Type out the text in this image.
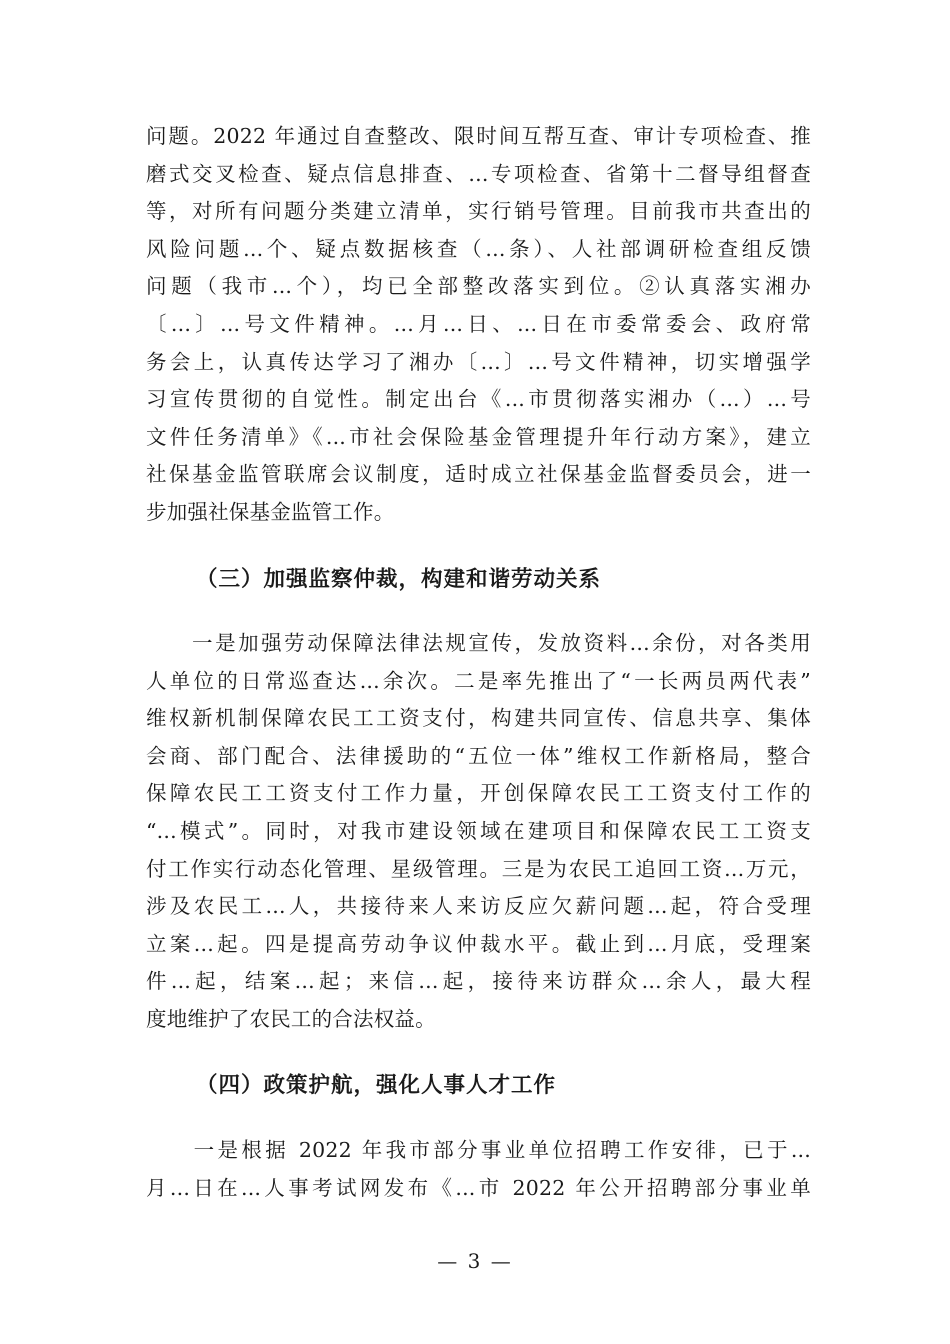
问题。2022 年通过自查整改、限时间互帮互查、审计专项检查、推
磨式交叉检查、疑点信息排查、...专项检查、省第十二督导组督查
等，对所有问题分类建立清单，实行销号管理。目前我市共查出的
风险问题...个、疑点数据核查（...条）、人社部调研检查组反馈
问题（我市...个），均已全部整改落实到位。②认真落实湘办
〔...〕...号文件精神。...月...日、...日在市委常委会、政府常
务会上，认真传达学习了湘办〔...〕...号文件精神，切实增强学
习宣传贯彻的自觉性。制定出台《...市贯彻落实湘办（...）...号
文件任务清单》《...市社会保险基金管理提升年行动方案》，建立
社保基金监管联席会议制度，适时成立社保基金监督委员会，进一
步加强社保基金监管工作。
（三）加强监察仲裁，构建和谐劳动关系
　　一是加强劳动保障法律法规宣传，发放资料...余份，对各类用
人单位的日常巡查达...余次。二是率先推出了“一长两员两代表”
维权新机制保障农民工工资支付，构建共同宣传、信息共享、集体
会商、部门配合、法律援助的“五位一体”维权工作新格局，整合
保障农民工工资支付工作力量，开创保障农民工工资支付工作的
“...模式”。同时，对我市建设领域在建项目和保障农民工工资支
付工作实行动态化管理、星级管理。三是为农民工追回工资...万元，
涉及农民工...人，共接待来人来访反应欠薪问题...起，符合受理
立案...起。四是提高劳动争议仲裁水平。截止到...月底，受理案
件...起，结案...起；来信...起，接待来访群众...余人，最大程
度地维护了农民工的合法权益。
（四）政策护航，强化人事人才工作
　　一是根据 2022 年我市部分事业单位招聘工作安徘，已于...
月...日在...人事考试网发布《...市 2022 年公开招聘部分事业单
— 3 —
